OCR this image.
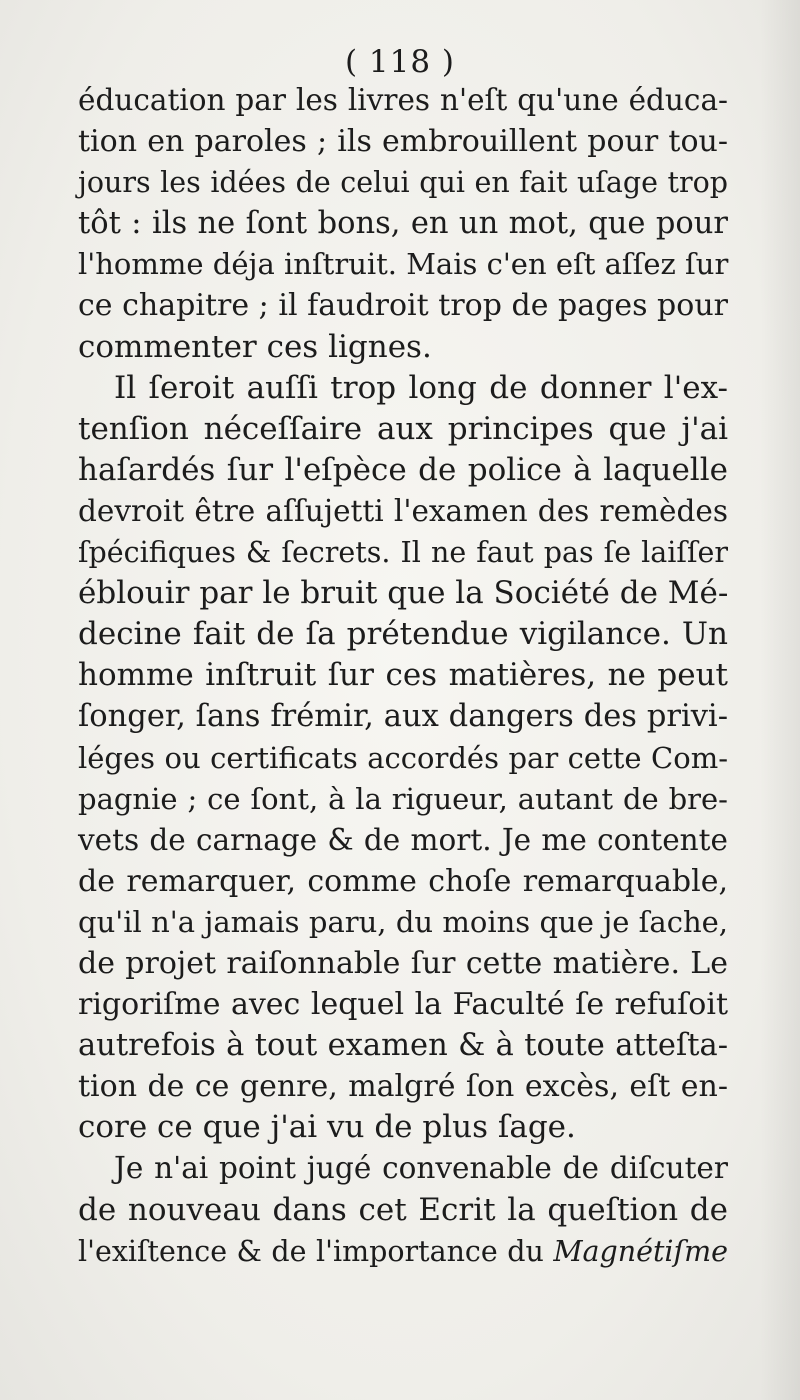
( 118 )
éducation par les livres n'eſt qu'une éduca-
tion en paroles ; ils embrouillent pour tou-
jours les idées de celui qui en fait uſage trop
tôt : ils ne ſont bons, en un mot, que pour
l'homme déja inſtruit. Mais c'en eſt aſſez ſur
ce chapitre ; il faudroit trop de pages pour
commenter ces lignes.
Il ſeroit auſſi trop long de donner l'ex-
tenſion néceſſaire aux principes que j'ai
haſardés ſur l'eſpèce de police à laquelle
devroit être aſſujetti l'examen des remèdes
ſpécifiques & ſecrets. Il ne faut pas ſe laiſſer
éblouir par le bruit que la Société de Mé-
decine fait de ſa prétendue vigilance. Un
homme inſtruit ſur ces matières, ne peut
ſonger, ſans frémir, aux dangers des privi-
léges ou certificats accordés par cette Com-
pagnie ; ce ſont, à la rigueur, autant de bre-
vets de carnage & de mort. Je me contente
de remarquer, comme choſe remarquable,
qu'il n'a jamais paru, du moins que je ſache,
de projet raiſonnable ſur cette matière. Le
rigoriſme avec lequel la Faculté ſe refuſoit
autrefois à tout examen & à toute atteſta-
tion de ce genre, malgré ſon excès, eſt en-
core ce que j'ai vu de plus ſage.
Je n'ai point jugé convenable de diſcuter
de nouveau dans cet Ecrit la queſtion de
l'exiſtence & de l'importance du Magnétiſme
